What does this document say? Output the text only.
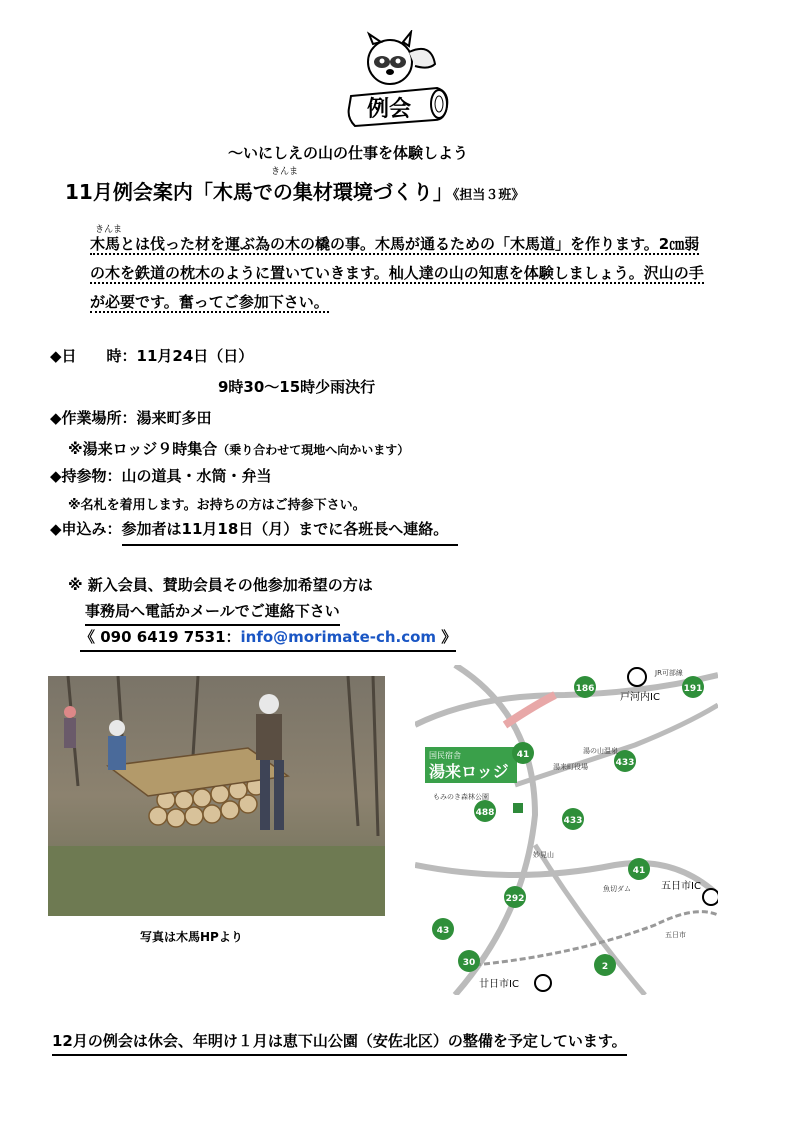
例会
～いにしえの山の仕事を体験しよう
きんま
11月例会案内「木馬での集材環境づくり」《担当３班》
きんま
木馬とは伐った材を運ぶ為の木の橇の事。木馬が通るための「木馬道」を作ります。2㎝弱の木を鉄道の枕木のように置いていきます。杣人達の山の知恵を体験しましょう。沢山の手が必要です。奮ってご参加下さい。
◆日　　時：11月24日（日）
9時30～15時少雨決行
◆作業場所：湯来町多田
※湯来ロッジ９時集合（乗り合わせて現地へ向かいます）
◆持参物：山の道具・水筒・弁当
※名札を着用します。お持ちの方はご持参下さい。
◆申込み：参加者は11月18日（月）までに各班長へ連絡。
※ 新入会員、賛助会員その他参加希望の方は
事務局へ電話かメールでご連絡下さい
《 090 6419 7531：info@morimate-ch.com 》
写真は木馬HPより
国民宿舎
湯来ロッジ
戸河内IC
五日市IC
廿日市IC
186	191
41
433
488
433
41
292
43
30	2
JR可部線
湯の山温泉
湯来町役場
もみのき森林公園
魚切ダム
五日市
妙見山
12月の例会は休会、年明け１月は恵下山公園（安佐北区）の整備を予定しています。
